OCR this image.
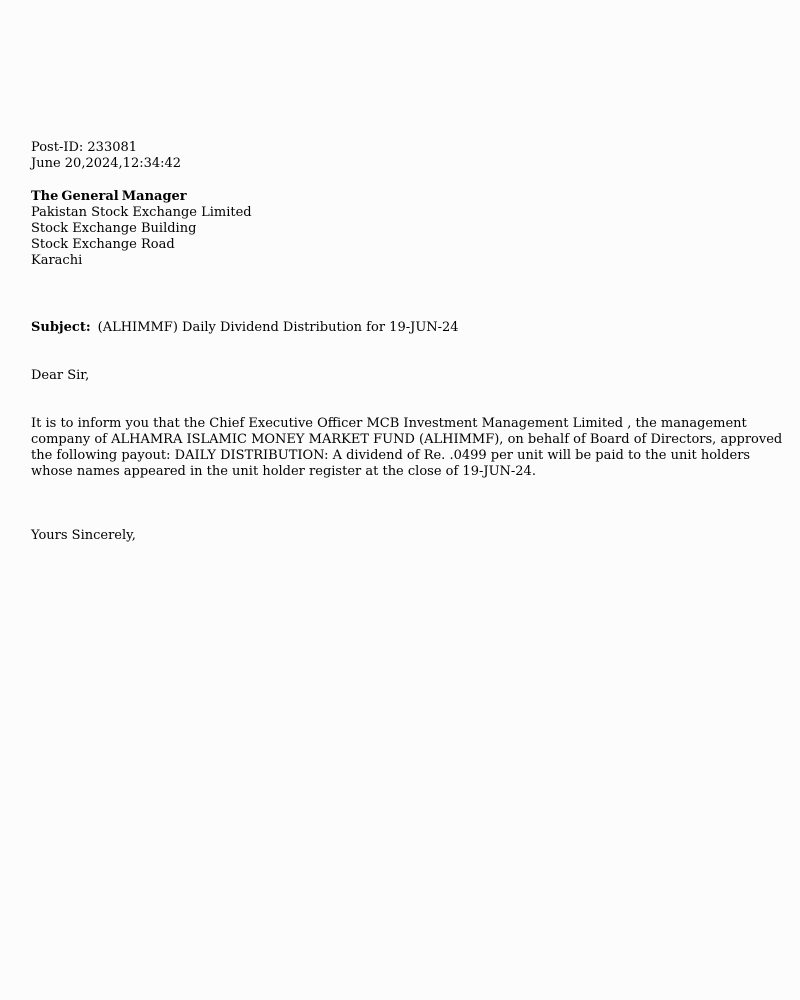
Post-ID: 233081
June 20,2024,12:34:42
The General Manager
Pakistan Stock Exchange Limited
Stock Exchange Building
Stock Exchange Road
Karachi
Subject: (ALHIMMF) Daily Dividend Distribution for 19-JUN-24
Dear Sir,
It is to inform you that the Chief Executive Officer MCB Investment Management Limited , the management company of ALHAMRA ISLAMIC MONEY MARKET FUND (ALHIMMF), on behalf of Board of Directors, approved the following payout: DAILY DISTRIBUTION: A dividend of Re. .0499 per unit will be paid to the unit holders whose names appeared in the unit holder register at the close of 19-JUN-24.
Yours Sincerely,
